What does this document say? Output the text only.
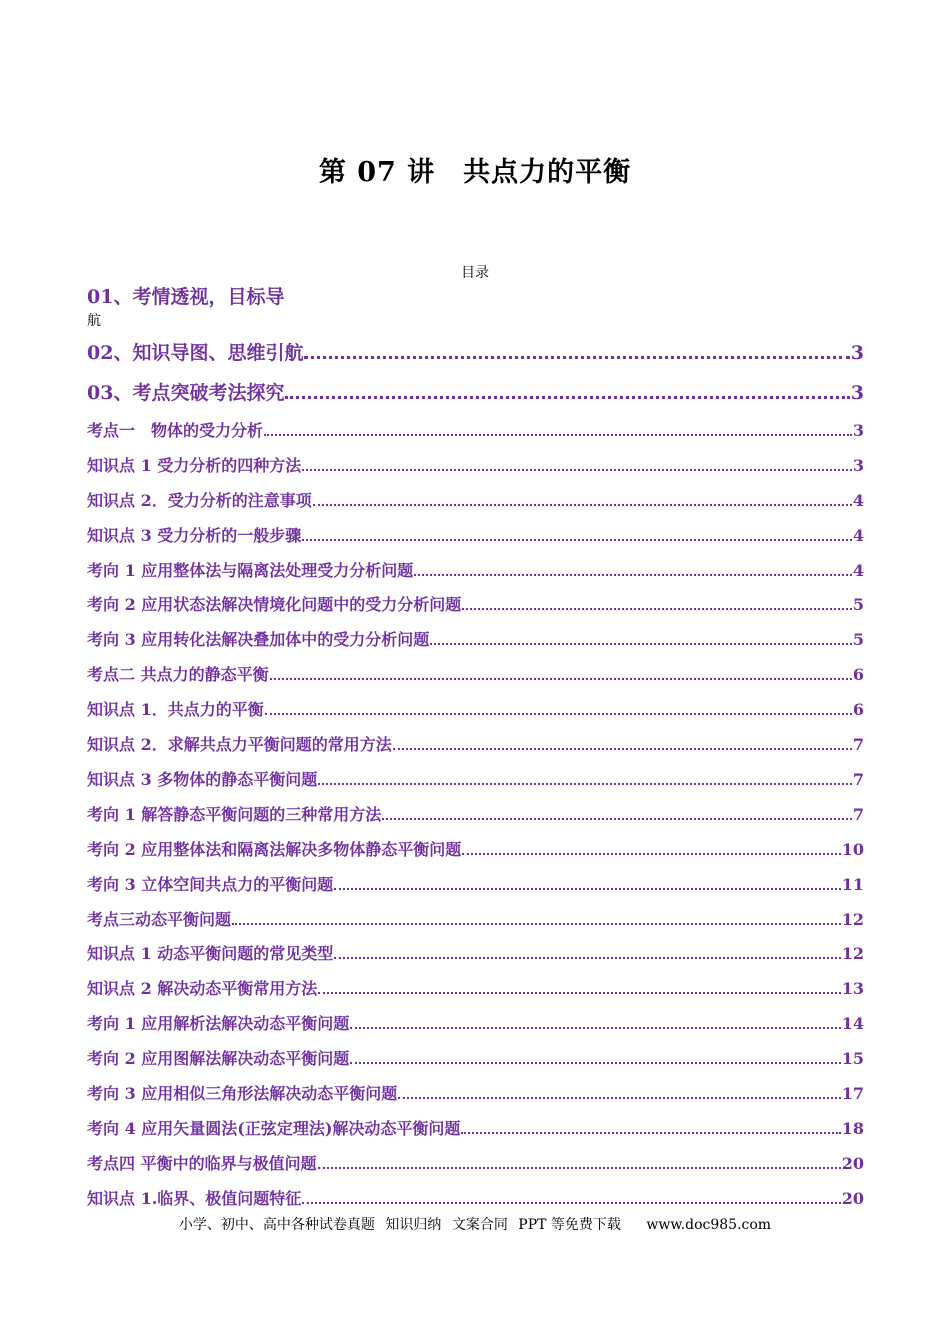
第 07 讲　共点力的平衡
目录
01、考情透视，目标导
航
02、知识导图、思维引航	3
03、考点突破考法探究	3
考点一　物体的受力分析	3
知识点 1 受力分析的四种方法	3
知识点 2．受力分析的注意事项	4
知识点 3 受力分析的一般步骤	4
考向 1 应用整体法与隔离法处理受力分析问题	4
考向 2 应用状态法解决情境化问题中的受力分析问题	5
考向 3 应用转化法解决叠加体中的受力分析问题	5
考点二 共点力的静态平衡	6
知识点 1．共点力的平衡	6
知识点 2．求解共点力平衡问题的常用方法	7
知识点 3 多物体的静态平衡问题	7
考向 1 解答静态平衡问题的三种常用方法	7
考向 2 应用整体法和隔离法解决多物体静态平衡问题	10
考向 3 立体空间共点力的平衡问题	11
考点三动态平衡问题	12
知识点 1 动态平衡问题的常见类型	12
知识点 2 解决动态平衡常用方法	13
考向 1 应用解析法解决动态平衡问题	14
考向 2 应用图解法解决动态平衡问题	15
考向 3 应用相似三角形法解决动态平衡问题	17
考向 4 应用矢量圆法(正弦定理法)解决动态平衡问题	18
考点四 平衡中的临界与极值问题	20
知识点 1.临界、极值问题特征	20
小学、初中、高中各种试卷真题 知识归纳 文案合同 PPT 等免费下载 www.doc985.com
